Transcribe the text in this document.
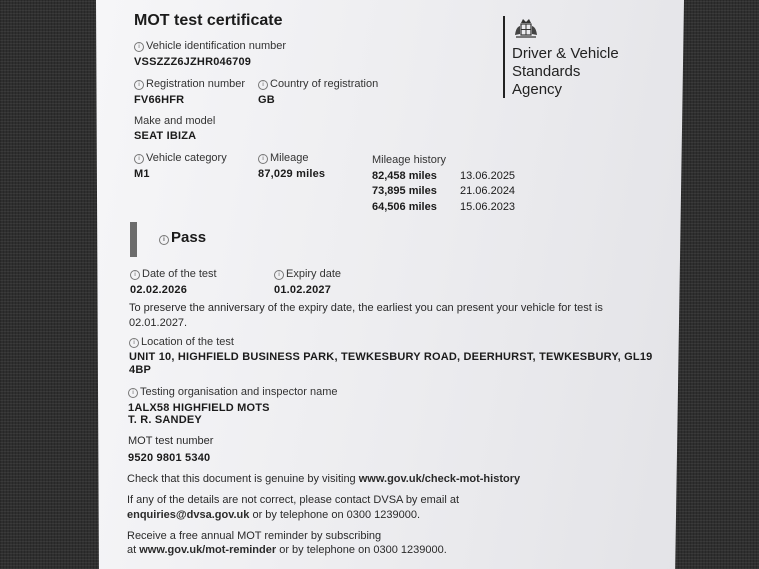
MOT test certificate
Driver & Vehicle
Standards
Agency
i Vehicle identification number
VSSZZZ6JZHR046709
i Registration number
FV66HFR
i Country of registration
GB
Make and model
SEAT IBIZA
i Vehicle category
M1
i Mileage
87,029 miles
Mileage history
82,458 miles	13.06.2025
73,895 miles	21.06.2024
64,506 miles	15.06.2023
i Pass
i Date of the test
02.02.2026
i Expiry date
01.02.2027
To preserve the anniversary of the expiry date, the earliest you can present your vehicle for test is
02.01.2027.
i Location of the test
UNIT 10, HIGHFIELD BUSINESS PARK, TEWKESBURY ROAD, DEERHURST, TEWKESBURY, GL19
4BP
i Testing organisation and inspector name
1ALX58 HIGHFIELD MOTS
T. R. SANDEY
MOT test number
9520 9801 5340
Check that this document is genuine by visiting www.gov.uk/check-mot-history
If any of the details are not correct, please contact DVSA by email at
enquiries@dvsa.gov.uk or by telephone on 0300 1239000.
Receive a free annual MOT reminder by subscribing
at www.gov.uk/mot-reminder or by telephone on 0300 1239000.
